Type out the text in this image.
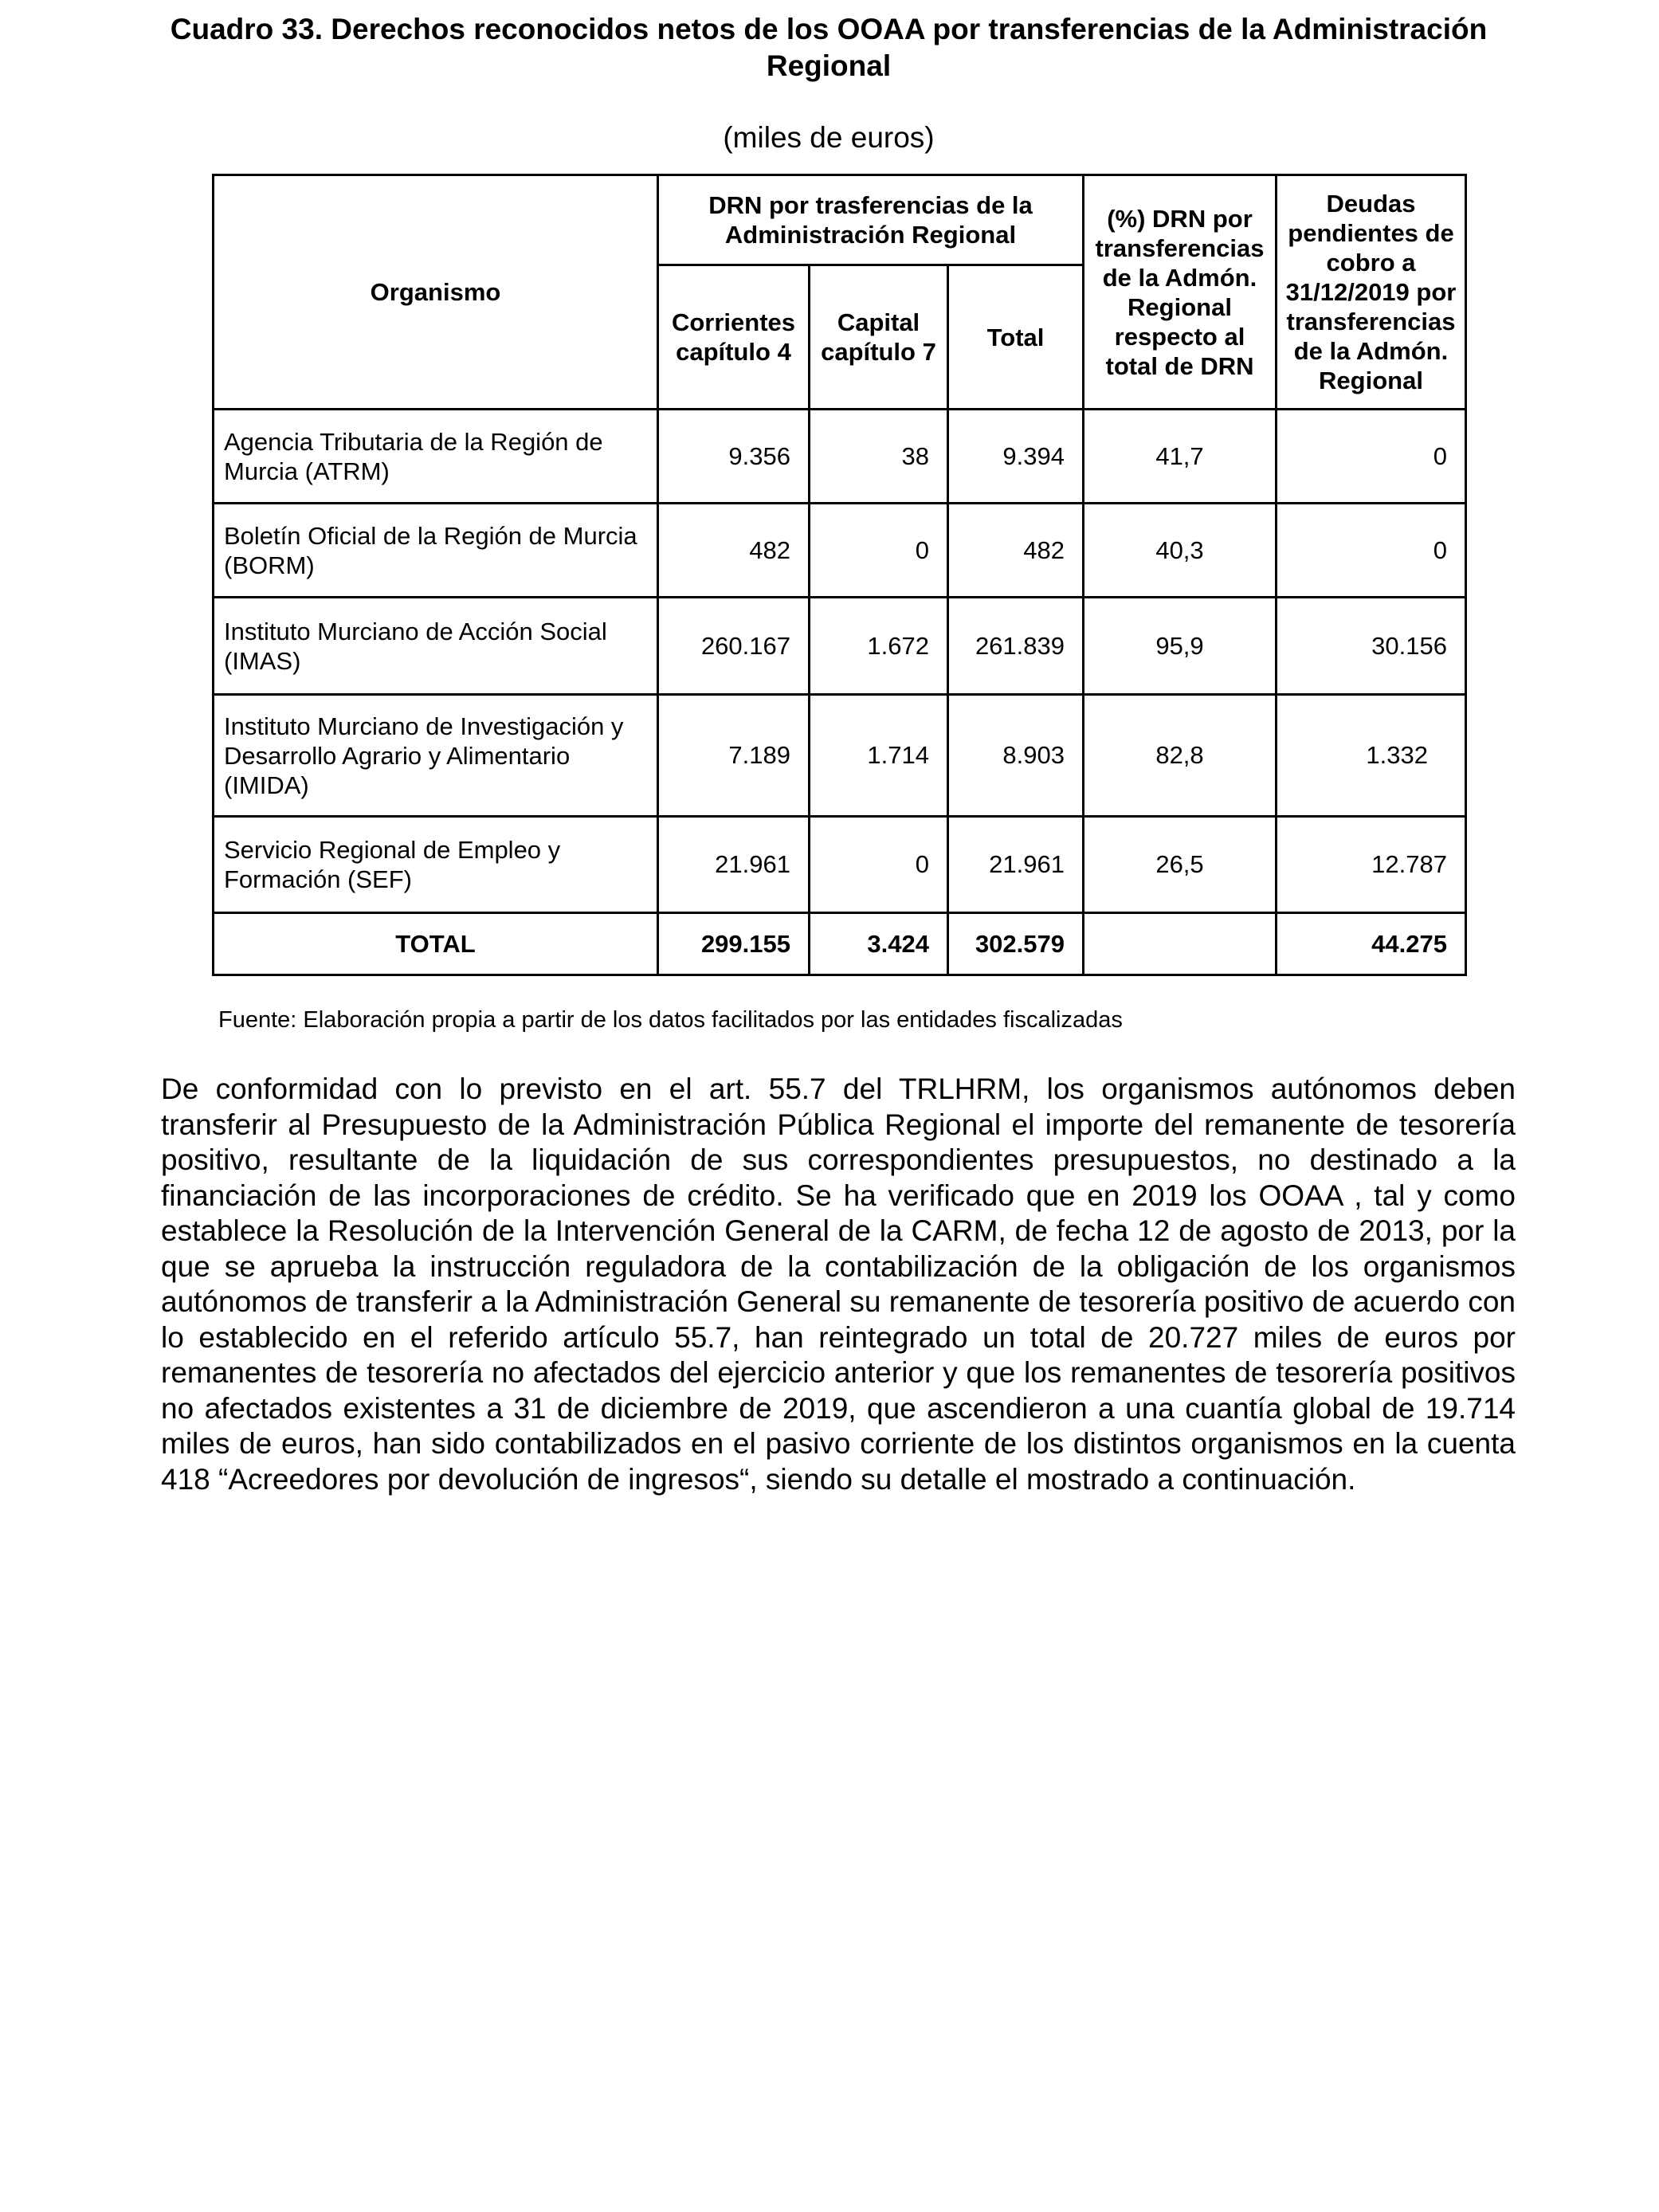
Cuadro 33. Derechos reconocidos netos de los OOAA por transferencias de la Administración Regional
(miles de euros)
Organismo	DRN por trasferencias de la Administración Regional			(%) DRN por transferencias de la Admón. Regional respecto al total de DRN	Deudas pendientes de cobro a 31/12/2019 por transferencias de la Admón. Regional
	Corrientes capítulo 4	Capital capítulo 7	Total		
Agencia Tributaria de la Región de Murcia (ATRM)	9.356	38	9.394	41,7	0
Boletín Oficial de la Región de Murcia (BORM)	482	0	482	40,3	0
Instituto Murciano de Acción Social (IMAS)	260.167	1.672	261.839	95,9	30.156
Instituto Murciano de Investigación y Desarrollo Agrario y Alimentario (IMIDA)	7.189	1.714	8.903	82,8	1.332
Servicio Regional de Empleo y Formación (SEF)	21.961	0	21.961	26,5	12.787
TOTAL	299.155	3.424	302.579		44.275
Fuente: Elaboración propia a partir de los datos facilitados por las entidades fiscalizadas
De conformidad con lo previsto en el art. 55.7 del TRLHRM, los organismos autónomos deben transferir al Presupuesto de la Administración Pública Regional el importe del remanente de tesorería positivo, resultante de la liquidación de sus correspondientes presupuestos, no destinado a la financiación de las incorporaciones de crédito. Se ha verificado que en 2019 los OOAA , tal y como establece la Resolución de la Intervención General de la CARM, de fecha 12 de agosto de 2013, por la que se aprueba la instrucción reguladora de la contabilización de la obligación de los organismos autónomos de transferir a la Administración General su remanente de tesorería positivo de acuerdo con lo establecido en el referido artículo 55.7, han reintegrado un total de 20.727 miles de euros por remanentes de tesorería no afectados del ejercicio anterior y que los remanentes de tesorería positivos no afectados existentes a 31 de diciembre de 2019, que ascendieron a una cuantía global de 19.714 miles de euros, han sido contabilizados en el pasivo corriente de los distintos organismos en la cuenta 418 “Acreedores por devolución de ingresos“, siendo su detalle el mostrado a continuación.
